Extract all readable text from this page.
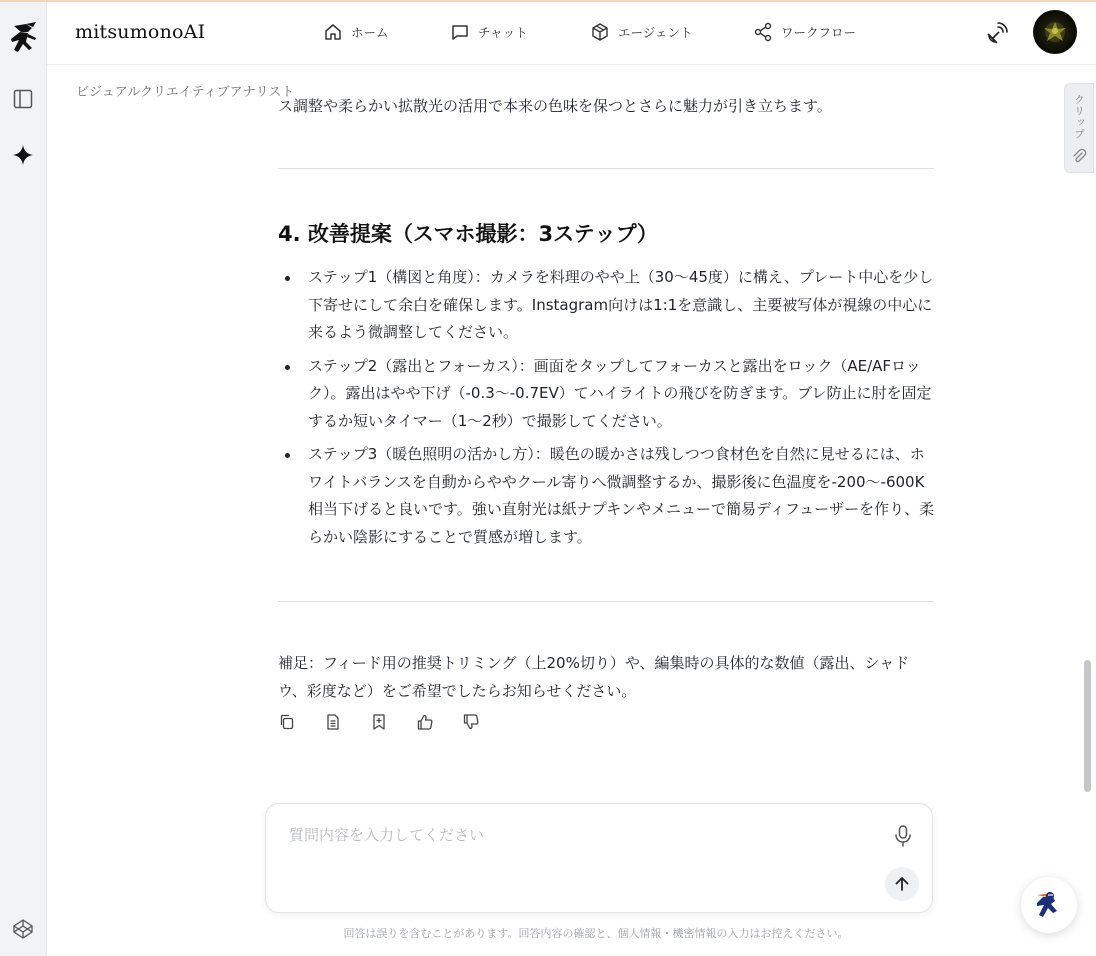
mitsumonoAI	ホーム	チャット	エージェント	ワークフロー
ビジュアルクリエイティブアナリスト
クリップ
ス調整や柔らかい拡散光の活用で本来の色味を保つとさらに魅力が引き立ちます。
4. 改善提案（スマホ撮影：3ステップ）
ステップ1（構図と角度）：カメラを料理のやや上（30〜45度）に構え、プレート中心を少し下寄せにして余白を確保します。Instagram向けは1:1を意識し、主要被写体が視線の中心に来るよう微調整してください。
ステップ2（露出とフォーカス）：画面をタップしてフォーカスと露出をロック（AE/AFロック）。露出はやや下げ（-0.3〜-0.7EV）てハイライトの飛びを防ぎます。ブレ防止に肘を固定するか短いタイマー（1〜2秒）で撮影してください。
ステップ3（暖色照明の活かし方）：暖色の暖かさは残しつつ食材色を自然に見せるには、ホワイトバランスを自動からややクール寄りへ微調整するか、撮影後に色温度を-200〜-600K相当下げると良いです。強い直射光は紙ナプキンやメニューで簡易ディフューザーを作り、柔らかい陰影にすることで質感が増します。
補足：フィード用の推奨トリミング（上20%切り）や、編集時の具体的な数値（露出、シャドウ、彩度など）をご希望でしたらお知らせください。
質問内容を入力してください
回答は誤りを含むことがあります。回答内容の確認と、個人情報・機密情報の入力はお控えください。
